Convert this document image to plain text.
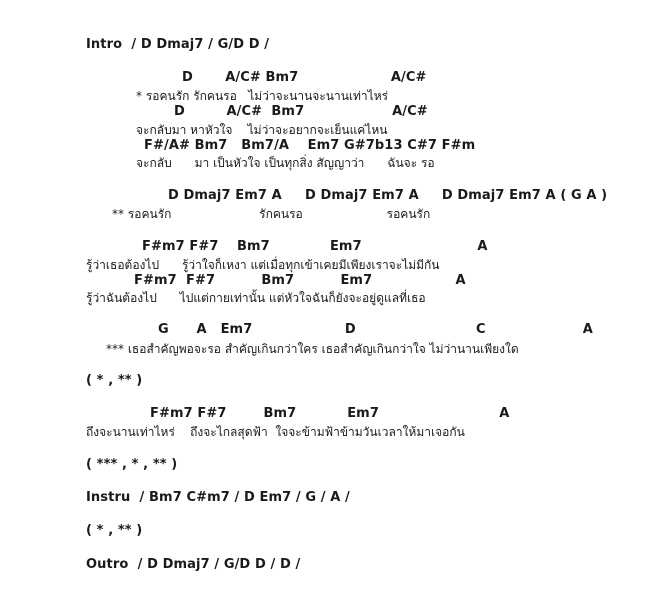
Intro  / D Dmaj7 / G/D D /
D       A/C# Bm7                    A/C#
* รอคนรัก รักคนรอ   ไม่ว่าจะนานจะนานเท่าไหร่
D         A/C#  Bm7                   A/C#
จะกลับมา หาหัวใจ    ไม่ว่าจะอยากจะเย็นแค่ไหน
F#/A# Bm7   Bm7/A    Em7 G#7b13 C#7 F#m
จะกลับ      มา เป็นหัวใจ เป็นทุกสิ่ง สัญญาว่า      ฉันจะ รอ
D Dmaj7 Em7 A     D Dmaj7 Em7 A     D Dmaj7 Em7 A ( G A )
** รอคนรัก                       รักคนรอ                      รอคนรัก
F#m7 F#7    Bm7             Em7                         A
รู้ว่าเธอต้องไป      รู้ว่าใจก็เหงา แต่เมื่อทุกเข้าเคยมีเพียงเราจะไม่มีกัน
F#m7  F#7          Bm7          Em7                  A
รู้ว่าฉันต้องไป      ไปแต่กายเท่านั้น แต่หัวใจฉันก็ยังจะอยู่ดูแลที่เธอ
G      A   Em7                    D                          C                     A
*** เธอสำคัญพอจะรอ สำคัญเกินกว่าใคร เธอสำคัญเกินกว่าใจ ไม่ว่านานเพียงใด
( * , ** )
F#m7 F#7        Bm7           Em7                          A
ถึงจะนานเท่าไหร่    ถึงจะไกลสุดฟ้า  ใจจะข้ามฟ้าข้ามวันเวลาให้มาเจอกัน
( *** , * , ** )
Instru  / Bm7 C#m7 / D Em7 / G / A /
( * , ** )
Outro  / D Dmaj7 / G/D D / D /
